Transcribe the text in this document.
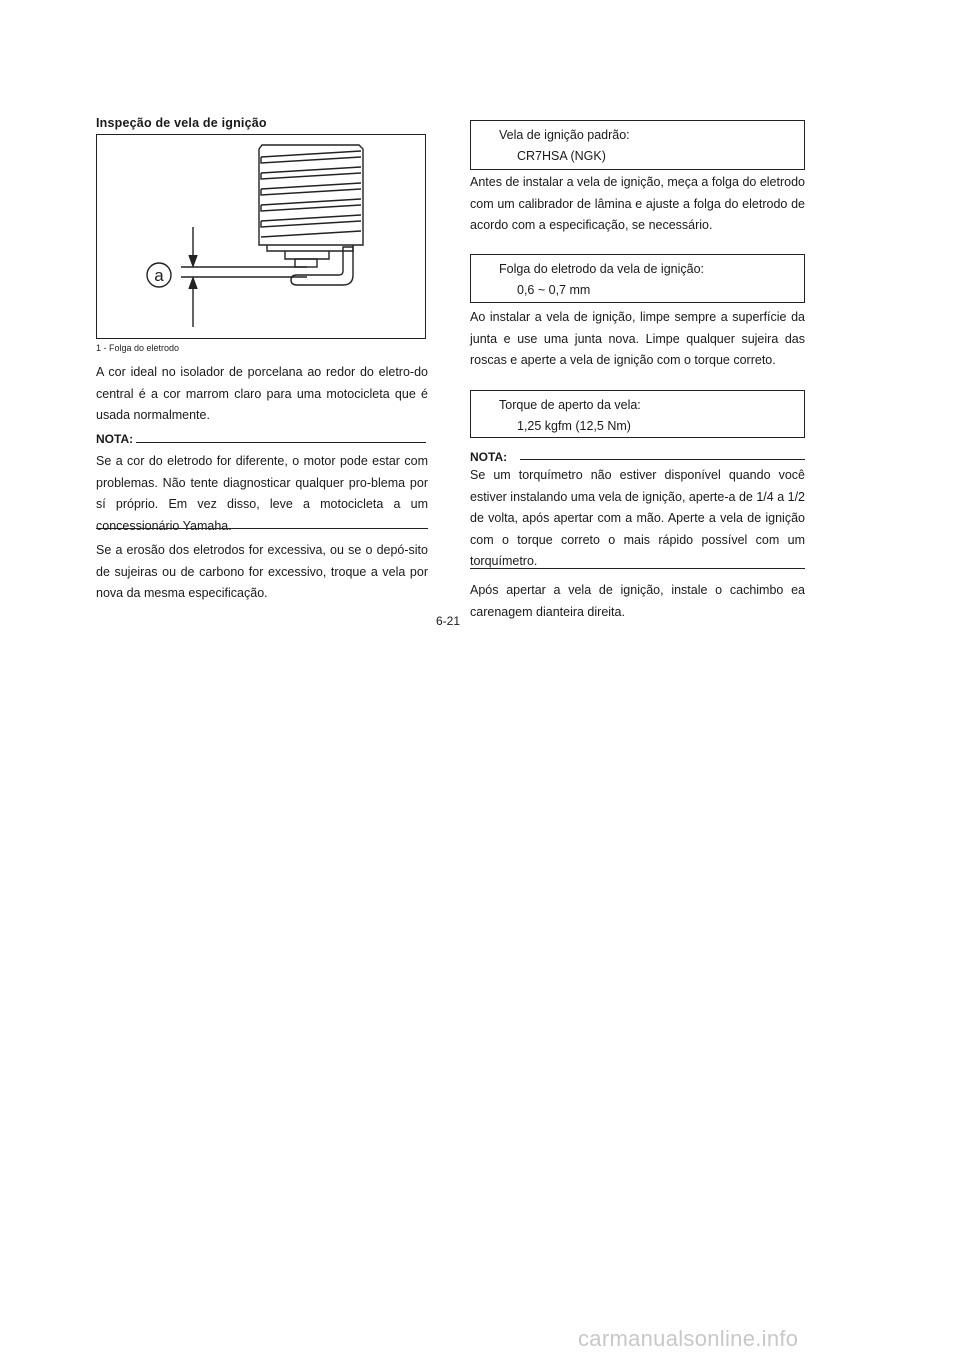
Inspeção de vela de ignição
a
1 - Folga do eletrodo

A cor ideal no isolador de porcelana ao redor do eletro-do central é a cor marrom claro para uma motocicleta que é usada normalmente.

NOTA:

Se a cor do eletrodo for diferente, o motor pode estar com problemas. Não tente diagnosticar qualquer pro-blema por sí próprio. Em vez disso, leve a motocicleta a um concessionário Yamaha.

Se a erosão dos eletrodos for excessiva, ou se o depó-sito de sujeiras ou de carbono for excessivo, troque a vela por nova da mesma especificação.

Vela de ignição padrão:
CR7HSA (NGK)

Antes de instalar a vela de ignição, meça a folga do eletrodo com um calibrador de lâmina e ajuste a folga do eletrodo de acordo com a especificação, se necessário.

Folga do eletrodo da vela de ignição:
0,6 ~ 0,7 mm

Ao instalar a vela de ignição, limpe sempre a superfície da junta e use uma junta nova. Limpe qualquer sujeira das roscas e aperte a vela de ignição com o torque correto.

Torque de aperto da vela:
1,25 kgfm (12,5 Nm)
NOTA:

Se um torquímetro não estiver disponível quando você estiver instalando uma vela de ignição, aperte-a de 1/4 a 1/2 de volta, após apertar com a mão. Aperte a vela de ignição com o torque correto o mais rápido possível com um torquímetro.

Após apertar a vela de ignição, instale o cachimbo ea carenagem dianteira direita.

6-21
carmanualsonline.info
